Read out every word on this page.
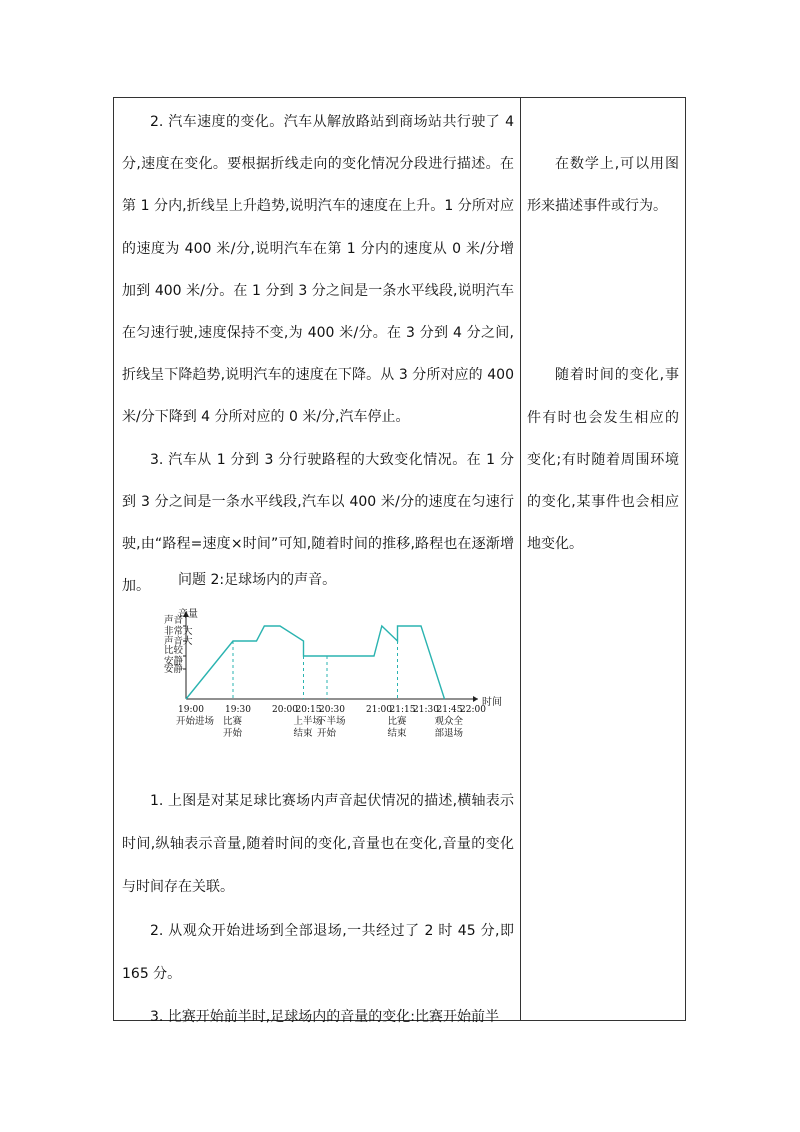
2. 汽车速度的变化。汽车从解放路站到商场站共行驶了 4 分,速度在变化。要根据折线走向的变化情况分段进行描述。在第 1 分内,折线呈上升趋势,说明汽车的速度在上升。1 分所对应的速度为 400 米/分,说明汽车在第 1 分内的速度从 0 米/分增加到 400 米/分。在 1 分到 3 分之间是一条水平线段,说明汽车在匀速行驶,速度保持不变,为 400 米/分。在 3 分到 4 分之间,折线呈下降趋势,说明汽车的速度在下降。从 3 分所对应的 400 米/分下降到 4 分所对应的 0 米/分,汽车停止。

3. 汽车从 1 分到 3 分行驶路程的大致变化情况。在 1 分到 3 分之间是一条水平线段,汽车以 400 米/分的速度在匀速行驶,由“路程=速度×时间”可知,随着时间的推移,路程也在逐渐增加。	问题 2:足球场内的声音。
音量
时间
安静
比较
安静
声音大
声音
非常大
19:00 19:30 20:00
20:15
20:30 21:00
21:15
21:30
21:45
22:00
开始进场 比赛
开始
上半场
结束
下半场
开始
比赛
结束
观众全
部退场

1. 上图是对某足球比赛场内声音起伏情况的描述,横轴表示时间,纵轴表示音量,随着时间的变化,音量也在变化,音量的变化与时间存在关联。

2. 从观众开始进场到全部退场,一共经过了 2 时 45 分,即 165 分。

3. 比赛开始前半时,足球场内的音量的变化:比赛开始前半

在数学上,可以用图形来描述事件或行为。

随着时间的变化,事件有时也会发生相应的变化;有时随着周围环境的变化,某事件也会相应地变化。
